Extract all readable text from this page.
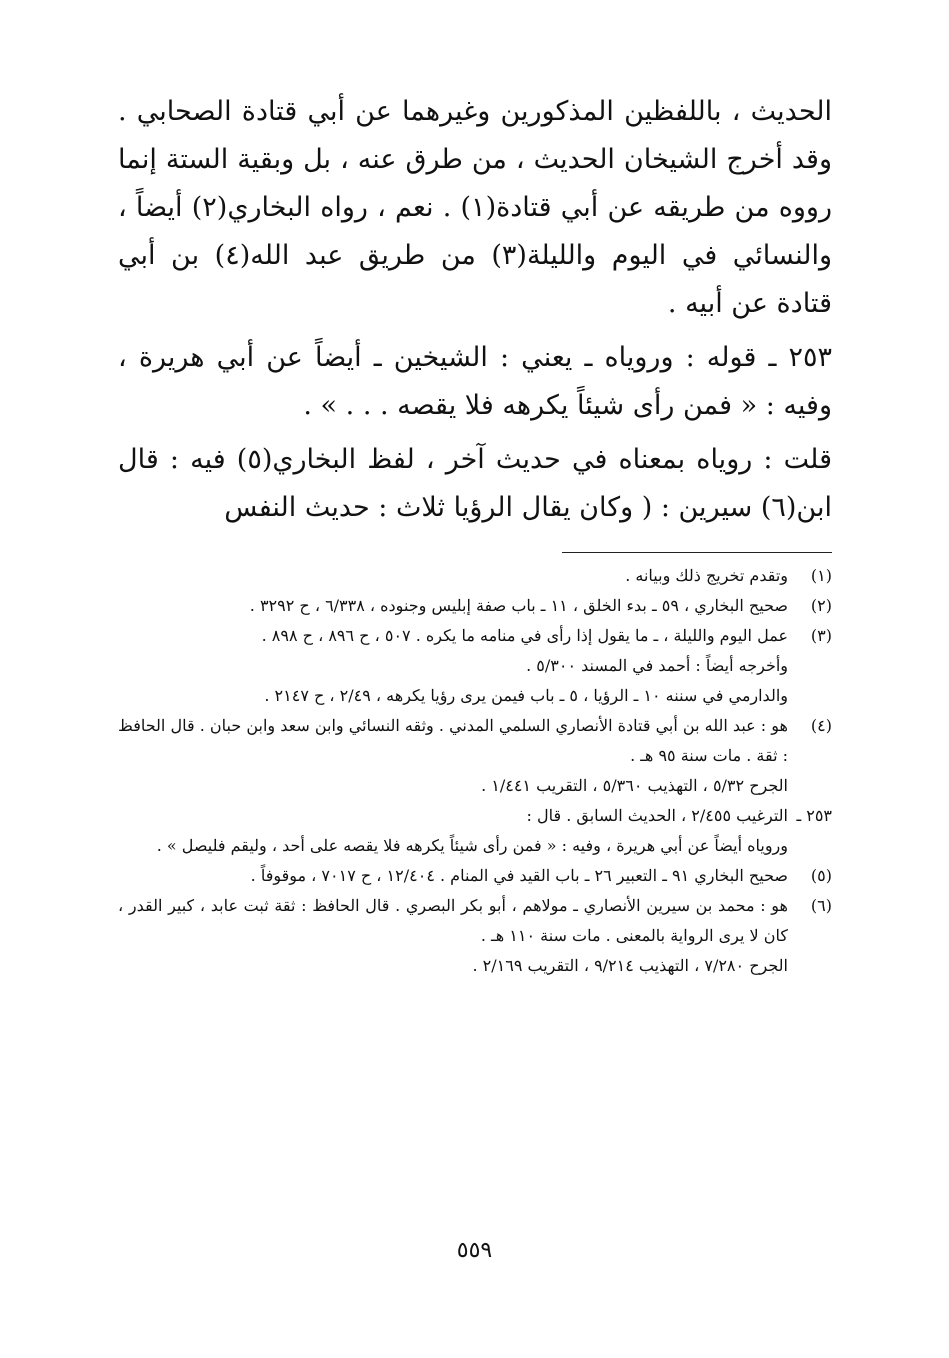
الحديث ، باللفظين المذكورين وغيرهما عن أبي قتادة الصحابي . وقد أخرج الشيخان الحديث ، من طرق عنه ، بل وبقية الستة إنما رووه من طريقه عن أبي قتادة(١) . نعم ، رواه البخاري(٢) أيضاً ، والنسائي في اليوم والليلة(٣) من طريق عبد الله(٤) بن أبي قتادة عن أبيه .

٢٥٣ ـ قوله : وروياه ـ يعني : الشيخين ـ أيضاً عن أبي هريرة ، وفيه : « فمن رأى شيئاً يكرهه فلا يقصه . . . » .

قلت : روياه بمعناه في حديث آخر ، لفظ البخاري(٥) فيه : قال ابن(٦) سيرين : ( وكان يقال الرؤيا ثلاث : حديث النفس

(١)
وتقدم تخريج ذلك وبيانه .
(٢)
صحيح البخاري ، ٥٩ ـ بدء الخلق ، ١١ ـ باب صفة إبليس وجنوده ، ٦/٣٣٨ ، ح ٣٢٩٢ .
(٣)
عمل اليوم والليلة ، ـ ما يقول إذا رأى في منامه ما يكره . ٥٠٧ ، ح ٨٩٦ ، ح ٨٩٨ .
وأخرجه أيضاً : أحمد في المسند ٥/٣٠٠ .
والدارمي في سننه ١٠ ـ الرؤيا ، ٥ ـ باب فيمن يرى رؤيا يكرهه ، ٢/٤٩ ، ح ٢١٤٧ .
(٤)
هو : عبد الله بن أبي قتادة الأنصاري السلمي المدني . وثقه النسائي وابن سعد وابن حبان . قال الحافظ : ثقة . مات سنة ٩٥ هـ .
الجرح ٥/٣٢ ، التهذيب ٥/٣٦٠ ، التقريب ١/٤٤١ .
٢٥٣ ـ
الترغيب ٢/٤٥٥ ، الحديث السابق . قال :
وروياه أيضاً عن أبي هريرة ، وفيه : « فمن رأى شيئاً يكرهه فلا يقصه على أحد ، وليقم فليصل » .
(٥)
صحيح البخاري ٩١ ـ التعبير ٢٦ ـ باب القيد في المنام . ١٢/٤٠٤ ، ح ٧٠١٧ ، موقوفاً .
(٦)
هو : محمد بن سيرين الأنصاري ـ مولاهم ، أبو بكر البصري . قال الحافظ : ثقة ثبت عابد ، كبير القدر ، كان لا يرى الرواية بالمعنى . مات سنة ١١٠ هـ .
الجرح ٧/٢٨٠ ، التهذيب ٩/٢١٤ ، التقريب ٢/١٦٩ .
٥٥٩
